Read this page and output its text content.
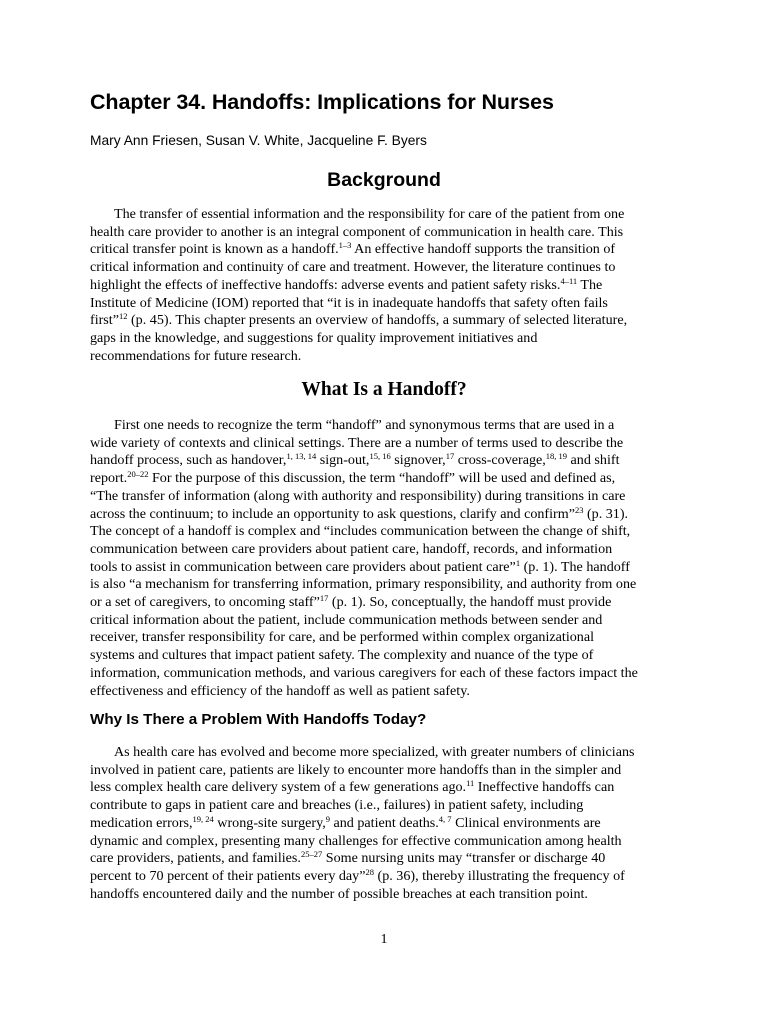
Chapter 34. Handoffs: Implications for Nurses

Mary Ann Friesen, Susan V. White, Jacqueline F. Byers

Background
The transfer of essential information and the responsibility for care of the patient from one
health care provider to another is an integral component of communication in health care. This
critical transfer point is known as a handoff.$^{1-3}$ An effective handoff supports the transition of
critical information and continuity of care and treatment. However, the literature continues to
highlight the effects of ineffective handoffs: adverse events and patient safety risks.$^{4-11}$ The
Institute of Medicine (IOM) reported that “it is in inadequate handoffs that safety often fails
first”$^{12}$ (p. 45). This chapter presents an overview of handoffs, a summary of selected literature,
gaps in the knowledge, and suggestions for quality improvement initiatives and
recommendations for future research.
What Is a Handoff?
First one needs to recognize the term “handoff” and synonymous terms that are used in a
wide variety of contexts and clinical settings. There are a number of terms used to describe the
handoff process, such as handover,$^{1, 13, 14}$ sign-out,$^{15, 16}$ signover,$^{17}$ cross-coverage,$^{18, 19}$ and shift
report.$^{20-22}$ For the purpose of this discussion, the term “handoff” will be used and defined as,
“The transfer of information (along with authority and responsibility) during transitions in care
across the continuum; to include an opportunity to ask questions, clarify and confirm”$^{23}$ (p. 31).
The concept of a handoff is complex and “includes communication between the change of shift,
communication between care providers about patient care, handoff, records, and information
tools to assist in communication between care providers about patient care”$^1$ (p. 1). The handoff
is also “a mechanism for transferring information, primary responsibility, and authority from one
or a set of caregivers, to oncoming staff”$^{17}$ (p. 1). So, conceptually, the handoff must provide
critical information about the patient, include communication methods between sender and
receiver, transfer responsibility for care, and be performed within complex organizational
systems and cultures that impact patient safety. The complexity and nuance of the type of
information, communication methods, and various caregivers for each of these factors impact the
effectiveness and efficiency of the handoff as well as patient safety.
Why Is There a Problem With Handoffs Today?
As health care has evolved and become more specialized, with greater numbers of clinicians
involved in patient care, patients are likely to encounter more handoffs than in the simpler and
less complex health care delivery system of a few generations ago.$^{11}$ Ineffective handoffs can
contribute to gaps in patient care and breaches (i.e., failures) in patient safety, including
medication errors,$^{19, 24}$ wrong-site surgery,$^9$ and patient deaths.$^{4, 7}$ Clinical environments are
dynamic and complex, presenting many challenges for effective communication among health
care providers, patients, and families.$^{25-27}$ Some nursing units may “transfer or discharge 40
percent to 70 percent of their patients every day”$^{28}$ (p. 36), thereby illustrating the frequency of
handoffs encountered daily and the number of possible breaches at each transition point.
1
